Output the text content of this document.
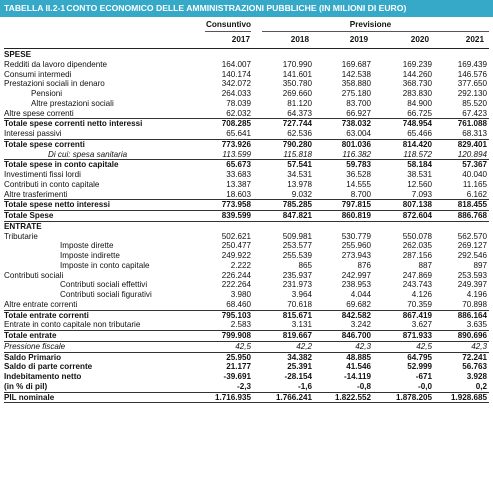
TABELLA II.2-1 CONTO ECONOMICO DELLE AMMINISTRAZIONI PUBBLICHE (IN MILIONI DI EURO)
Consuntivo	Previsione
2017	2018	2019	2020	2021
SPESE					
Redditi da lavoro dipendente	164.007	170.990	169.687	169.239	169.439
Consumi intermedi	140.174	141.601	142.538	144.260	146.576
Prestazioni sociali in denaro	342.072	350.780	358.880	368.730	377.650
Pensioni	264.033	269.660	275.180	283.830	292.130
Altre prestazioni sociali	78.039	81.120	83.700	84.900	85.520
Altre spese correnti	62.032	64.373	66.927	66.725	67.423
Totale spese correnti netto interessi	708.285	727.744	738.032	748.954	761.088
Interessi passivi	65.641	62.536	63.004	65.466	68.313
Totale spese correnti	773.926	790.280	801.036	814.420	829.401
Di cui: spesa sanitaria	113.599	115.818	116.382	118.572	120.894
Totale spese in conto capitale	65.673	57.541	59.783	58.184	57.367
Investimenti fissi lordi	33.683	34.531	36.528	38.531	40.040
Contributi in conto capitale	13.387	13.978	14.555	12.560	11.165
Altre trasferimenti	18.603	9.032	8.700	7.093	6.162
Totale spese netto interessi	773.958	785.285	797.815	807.138	818.455
Totale Spese	839.599	847.821	860.819	872.604	886.768
ENTRATE					
Tributarie	502.621	509.981	530.779	550.078	562.570
Imposte dirette	250.477	253.577	255.960	262.035	269.127
Imposte indirette	249.922	255.539	273.943	287.156	292.546
Imposte in conto capitale	2.222	865	876	887	897
Contributi sociali	226.244	235.937	242.997	247.869	253.593
Contributi sociali effettivi	222.264	231.973	238.953	243.743	249.397
Contributi sociali figurativi	3.980	3.964	4.044	4.126	4.196
Altre entrate correnti	68.460	70.618	69.682	70.359	70.898
Totale entrate correnti	795.103	815.671	842.582	867.419	886.164
Entrate in conto capitale non tributarie	2.583	3.131	3.242	3.627	3.635
Totale entrate	799.908	819.667	846.700	871.933	890.696
Pressione fiscale	42,5	42,2	42,3	42,5	42,3
Saldo Primario	25.950	34.382	48.885	64.795	72.241
Saldo di parte corrente	21.177	25.391	41.546	52.999	56.763
Indebitamento netto	-39.691	-28.154	-14.119	-671	3.928
(in % di pil)	-2,3	-1,6	-0,8	-0,0	0,2
PIL nominale	1.716.935	1.766.241	1.822.552	1.878.205	1.928.685
